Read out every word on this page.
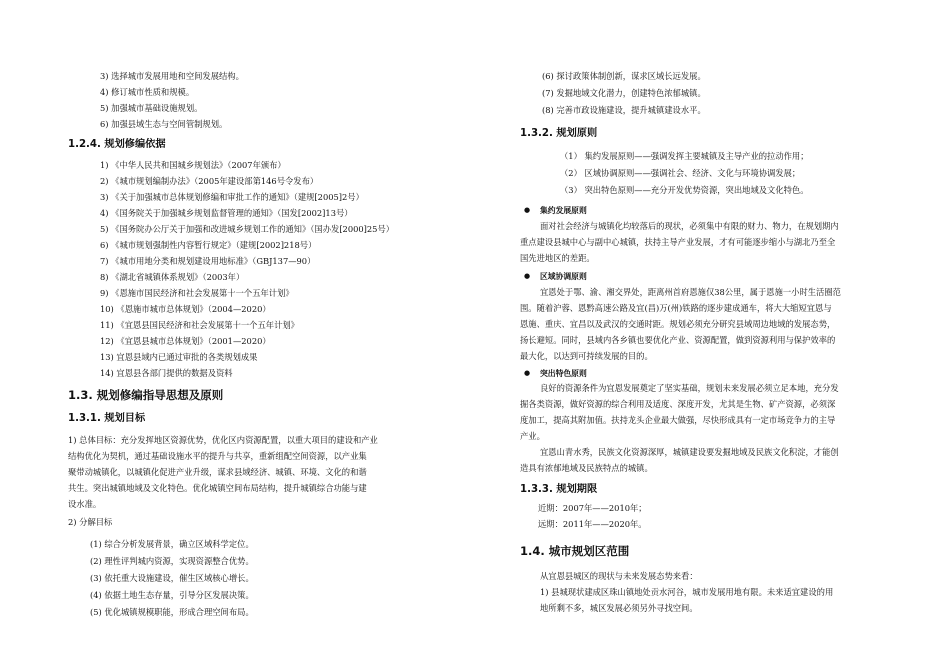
3) 选择城市发展用地和空间发展结构。
4) 修订城市性质和规模。
5) 加强城市基础设施规划。
6) 加强县域生态与空间管制规划。
1.2.4. 规划修编依据
1) 《中华人民共和国城乡规划法》（2007年颁布）
2) 《城市规划编制办法》（2005年建设部第146号令发布）
3) 《关于加强城市总体规划修编和审批工作的通知》（建规[2005]2号）
4) 《国务院关于加强城乡规划监督管理的通知》（国发[2002]13号）
5) 《国务院办公厅关于加强和改进城乡规划工作的通知》（国办发[2000]25号）
6) 《城市规划强制性内容暂行规定》（建规[2002]218号）
7) 《城市用地分类和规划建设用地标准》（GBJ137—90）
8) 《湖北省城镇体系规划》（2003年）
9) 《恩施市国民经济和社会发展第十一个五年计划》
10) 《恩施市城市总体规划》（2004—2020）
11) 《宜恩县国民经济和社会发展第十一个五年计划》
12) 《宜恩县城市总体规划》（2001—2020）
13) 宜恩县域内已通过审批的各类规划成果
14) 宜恩县各部门提供的数据及资料
1.3. 规划修编指导思想及原则
1.3.1. 规划目标
1) 总体目标：充分发挥地区资源优势，优化区内资源配置，以重大项目的建设和产业
结构优化为契机，通过基础设施水平的提升与共享，重新组配空间资源，以产业集
聚带动城镇化，以城镇化促进产业升级，谋求县域经济、城镇、环境、文化的和谐
共生。突出城镇地域及文化特色。优化城镇空间布局结构，提升城镇综合功能与建
设水准。
2) 分解目标
(1) 综合分析发展背景，确立区域科学定位。
(2) 理性评判城内资源，实现资源整合优势。
(3) 依托重大设施建设，催生区域核心增长。
(4) 依据土地生态存量，引导分区发展决策。
(5) 优化城镇规模职能，形成合理空间布局。
(6) 探讨政策体制创新，谋求区域长远发展。
(7) 发掘地域文化潜力，创建特色浓郁城镇。
(8) 完善市政设施建设，提升城镇建设水平。
1.3.2. 规划原则
（1） 集约发展原则——强调发挥主要城镇及主导产业的拉动作用；
（2） 区域协调原则——强调社会、经济、文化与环境协调发展；
（3） 突出特色原则——充分开发优势资源，突出地域及文化特色。
● 集约发展原则
面对社会经济与城镇化均较落后的现状，必须集中有限的财力、物力，在规划期内
重点建设县城中心与副中心城镇，扶持主导产业发展，才有可能逐步缩小与湖北乃至全
国先进地区的差距。
● 区域协调原则
宜恩处于鄂、渝、湘交界处，距离州首府恩施仅38公里，属于恩施一小时生活圈范
围。随着沪蓉、恩黔高速公路及宜(昌)万(州)铁路的逐步建成通车，将大大缩短宜恩与
恩施、重庆、宜昌以及武汉的交通时距。规划必须充分研究县域周边地域的发展态势，
扬长避短。同时，县域内各乡镇也要优化产业、资源配置，做到资源利用与保护效率的
最大化，以达到可持续发展的目的。
● 突出特色原则
良好的资源条件为宜恩发展奠定了坚实基础，规划未来发展必须立足本地，充分发
掘各类资源，做好资源的综合利用及适度、深度开发，尤其是生物、矿产资源，必须深
度加工，提高其附加值。扶持龙头企业最大做强，尽快形成具有一定市场竞争力的主导
产业。
宜恩山青水秀，民族文化资源深厚，城镇建设要发掘地域及民族文化积淀，才能创
造具有浓郁地域及民族特点的城镇。
1.3.3. 规划期限
近期：2007年——2010年；
远期：2011年——2020年。
1.4. 城市规划区范围
从宜恩县城区的现状与未来发展态势来看：
1) 县城现状建成区珠山镇地处贡水河谷，城市发展用地有限。未来适宜建设的用
地所剩不多，城区发展必须另外寻找空间。
